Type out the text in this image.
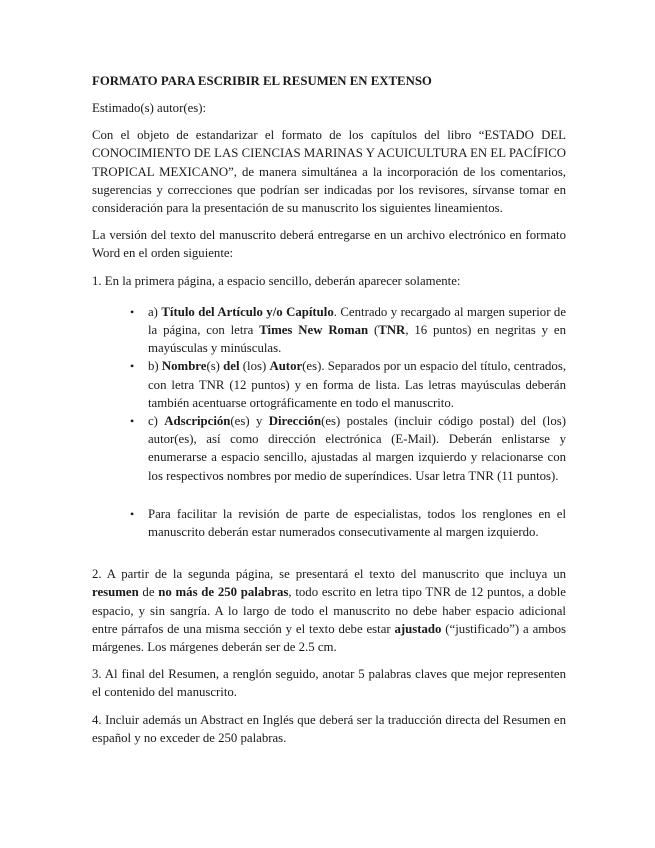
FORMATO PARA ESCRIBIR EL RESUMEN EN EXTENSO

Estimado(s) autor(es):

Con el objeto de estandarizar el formato de los capítulos del libro “ESTADO DEL CONOCIMIENTO DE LAS CIENCIAS MARINAS Y ACUICULTURA EN EL PACÍFICO TROPICAL MEXICANO”, de manera simultánea a la incorporación de los comentarios, sugerencias y correcciones que podrían ser indicadas por los revisores, sírvanse tomar en consideración para la presentación de su manuscrito los siguientes lineamientos.

La versión del texto del manuscrito deberá entregarse en un archivo electrónico en formato Word en el orden siguiente:

1. En la primera página, a espacio sencillo, deberán aparecer solamente:

• a) Título del Artículo y/o Capítulo. Centrado y recargado al margen superior de la página, con letra Times New Roman (TNR, 16 puntos) en negritas y en mayúsculas y minúsculas.
• b) Nombre(s) del (los) Autor(es). Separados por un espacio del título, centrados, con letra TNR (12 puntos) y en forma de lista. Las letras mayúsculas deberán también acentuarse ortográficamente en todo el manuscrito.
• c) Adscripción(es) y Dirección(es) postales (incluir código postal) del (los) autor(es), así como dirección electrónica (E-Mail). Deberán enlistarse y enumerarse a espacio sencillo, ajustadas al margen izquierdo y relacionarse con los respectivos nombres por medio de superíndices. Usar letra TNR (11 puntos).
• Para facilitar la revisión de parte de especialistas, todos los renglones en el manuscrito deberán estar numerados consecutivamente al margen izquierdo.

2. A partir de la segunda página, se presentará el texto del manuscrito que incluya un resumen de no más de 250 palabras, todo escrito en letra tipo TNR de 12 puntos, a doble espacio, y sin sangría. A lo largo de todo el manuscrito no debe haber espacio adicional entre párrafos de una misma sección y el texto debe estar ajustado (“justificado”) a ambos márgenes. Los márgenes deberán ser de 2.5 cm.

3. Al final del Resumen, a renglón seguido, anotar 5 palabras claves que mejor representen el contenido del manuscrito.

4. Incluir además un Abstract en Inglés que deberá ser la traducción directa del Resumen en español y no exceder de 250 palabras.
